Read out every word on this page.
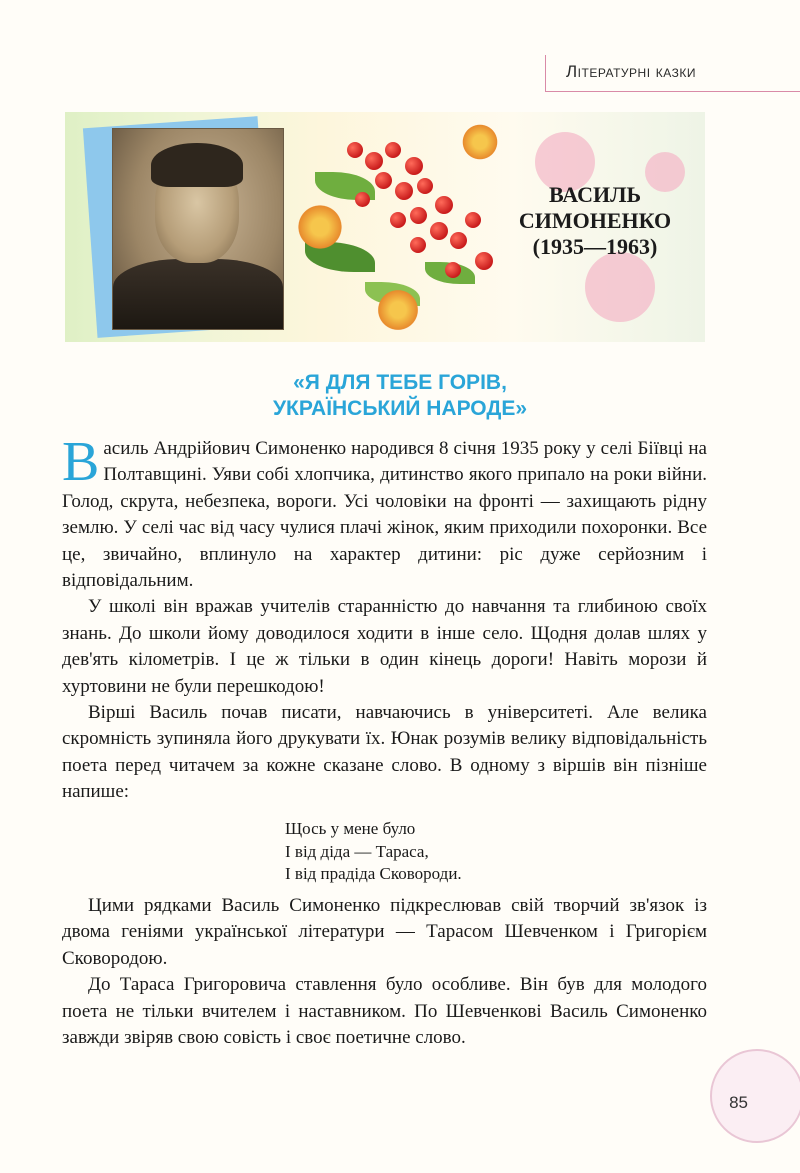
Літературні казки
ВАСИЛЬ
СИМОНЕНКО
(1935—1963)
«Я ДЛЯ ТЕБЕ ГОРІВ,
УКРАЇНСЬКИЙ НАРОДЕ»
Василь Андрійович Симоненко народився 8 січня 1935 року у селі Біївці на Полтавщині. Уяви собі хлопчика, дитинство якого припало на роки війни. Голод, скрута, небезпека, вороги. Усі чоловіки на фронті — захищають рідну землю. У селі час від часу чулися плачі жінок, яким приходили похоронки. Все це, звичайно, вплинуло на характер дитини: ріс дуже серйозним і відповідальним.
У школі він вражав учителів старанністю до навчання та глибиною своїх знань. До школи йому доводилося ходити в інше село. Щодня долав шлях у дев'ять кілометрів. І це ж тільки в один кінець дороги! Навіть морози й хуртовини не були перешкодою!
Вірші Василь почав писати, навчаючись в університеті. Але велика скромність зупиняла його друкувати їх. Юнак розумів велику відповідальність поета перед читачем за кожне сказане слово. В одному з віршів він пізніше напише:
Щось у мене було
І від діда — Тараса,
І від прадіда Сковороди.
Цими рядками Василь Симоненко підкреслював свій творчий зв'язок із двома геніями української літератури — Тарасом Шевченком і Григорієм Сковородою.
До Тараса Григоровича ставлення було особливе. Він був для молодого поета не тільки вчителем і наставником. По Шевченкові Василь Симоненко завжди звіряв свою совість і своє поетичне слово.
85
